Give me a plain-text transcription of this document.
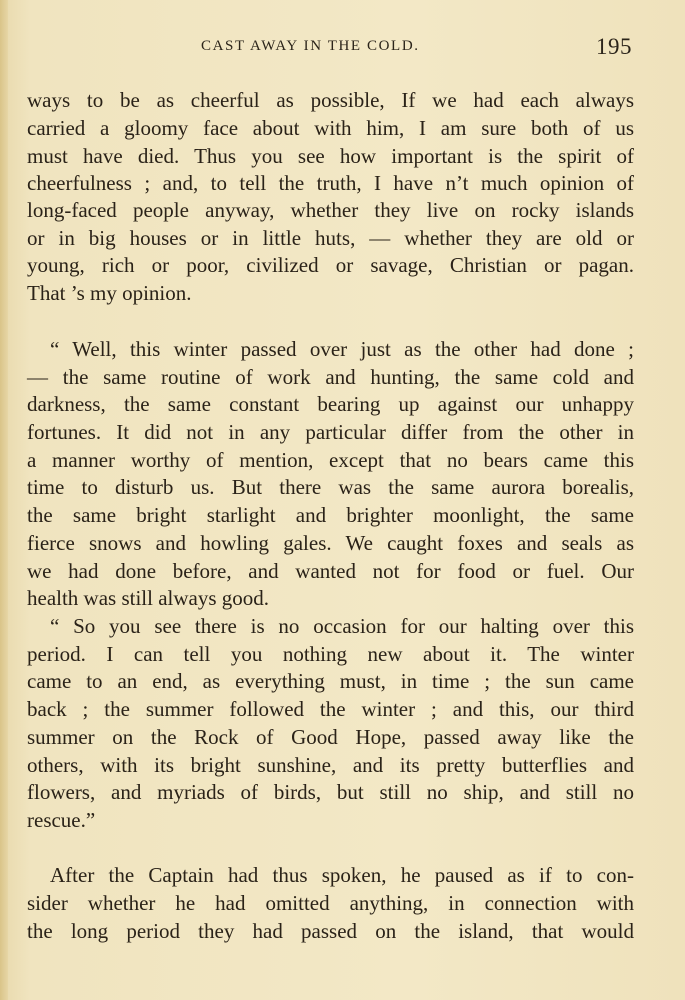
CAST AWAY IN THE COLD.	195
ways to be as cheerful as possible, If we had each always
carried a gloomy face about with him, I am sure both of us
must have died. Thus you see how important is the spirit of
cheerfulness ; and, to tell the truth, I have n’t much opinion of
long-faced people anyway, whether they live on rocky islands
or in big houses or in little huts, — whether they are old or
young, rich or poor, civilized or savage, Christian or pagan.
That ’s my opinion.
“ Well, this winter passed over just as the other had done ;
— the same routine of work and hunting, the same cold and
darkness, the same constant bearing up against our unhappy
fortunes. It did not in any particular differ from the other in
a manner worthy of mention, except that no bears came this
time to disturb us. But there was the same aurora borealis,
the same bright starlight and brighter moonlight, the same
fierce snows and howling gales. We caught foxes and seals as
we had done before, and wanted not for food or fuel. Our
health was still always good.
“ So you see there is no occasion for our halting over this
period. I can tell you nothing new about it. The winter
came to an end, as everything must, in time ; the sun came
back ; the summer followed the winter ; and this, our third
summer on the Rock of Good Hope, passed away like the
others, with its bright sunshine, and its pretty butterflies and
flowers, and myriads of birds, but still no ship, and still no
rescue.”
After the Captain had thus spoken, he paused as if to con-
sider whether he had omitted anything, in connection with
the long period they had passed on the island, that would
